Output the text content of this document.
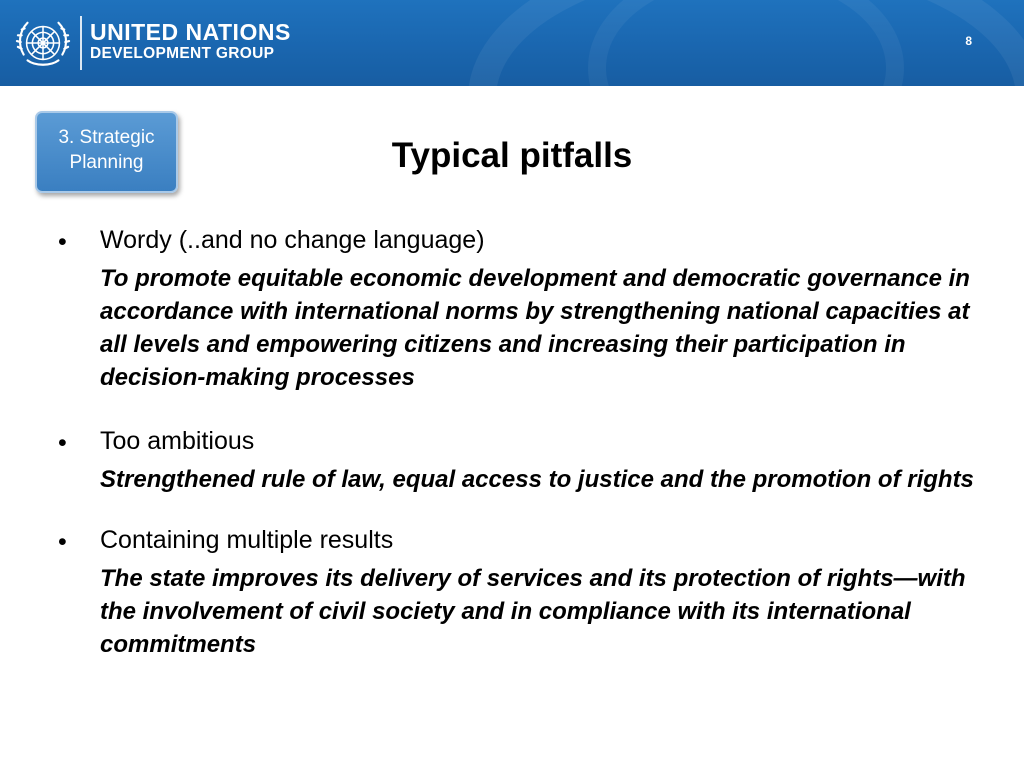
UNITED NATIONS
DEVELOPMENT GROUP
8
3. Strategic
Planning	Typical pitfalls
• Wordy (..and no change language)

To promote equitable economic development and democratic governance in accordance with international norms by strengthening national capacities at all levels and empowering citizens and increasing their participation in decision-making processes

• Too ambitious

Strengthened rule of law, equal access to justice and the promotion of rights

• Containing multiple results

The state improves its delivery of services and its protection of rights—with the involvement of civil society and in compliance with its international commitments
